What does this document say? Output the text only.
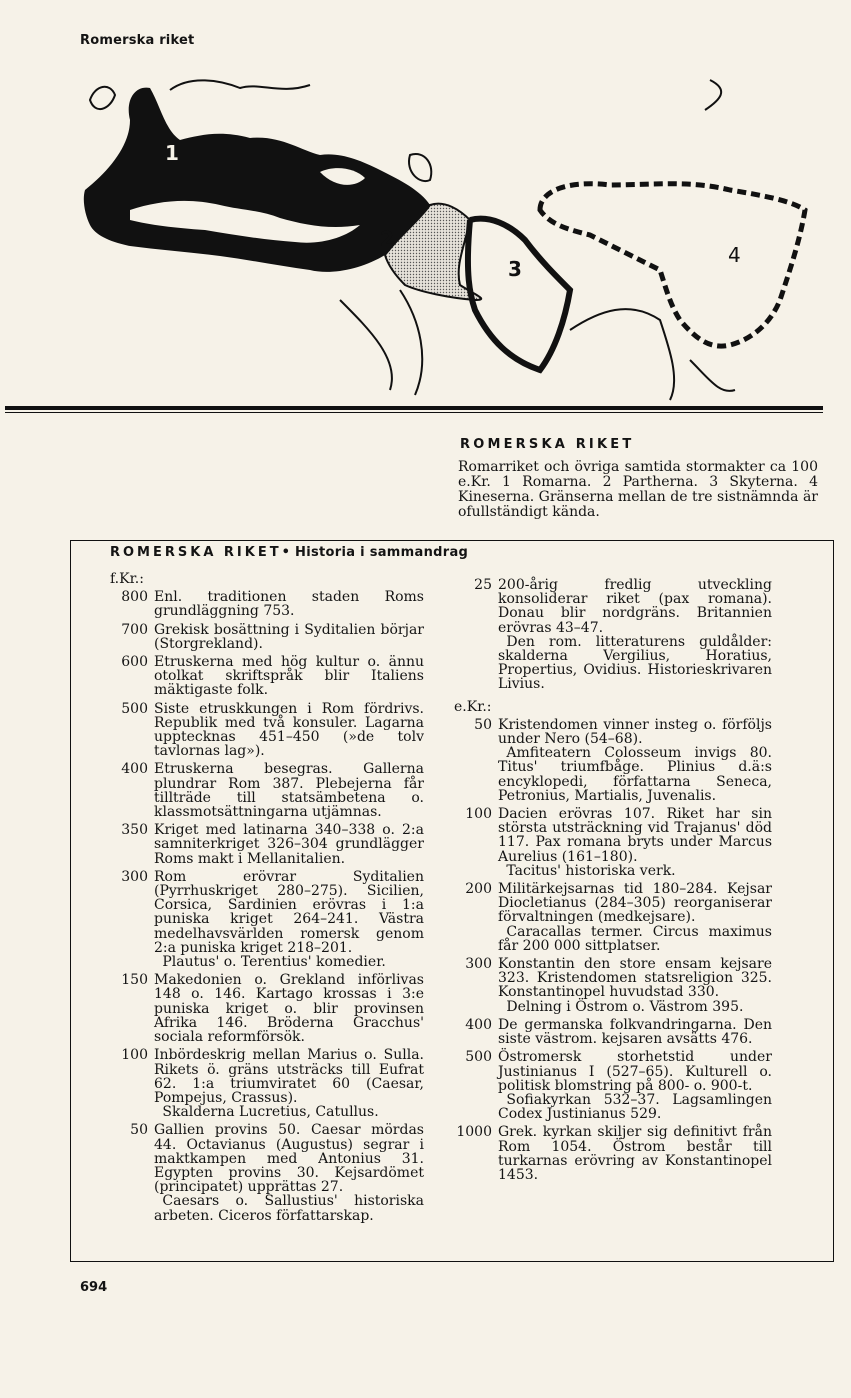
Romerska riket
1
2
3
4
ROMERSKA RIKET
Romarriket och övriga samtida stormakter ca 100 e.Kr. 1 Romarna. 2 Partherna. 3 Skyterna. 4 Kineserna. Gränserna mellan de tre sistnämnda är ofullständigt kända.
ROMERSKA RIKET• Historia i sammandrag
f.Kr.:
800 Enl. traditionen staden Roms grundläggning 753.
700 Grekisk bosättning i Syditalien börjar (Storgrekland).
600 Etruskerna med hög kultur o. ännu otolkat skriftspråk blir Italiens mäktigaste folk.
500 Siste etruskkungen i Rom fördrivs. Republik med två konsuler. Lagarna upptecknas 451–450 (»de tolv tavlornas lag»).
400 Etruskerna besegras. Gallerna plundrar Rom 387. Plebejerna får tillträde till statsämbetena o. klassmotsättningarna utjämnas.
350 Kriget med latinarna 340–338 o. 2:a samniterkriget 326–304 grundlägger Roms makt i Mellanitalien.
300 Rom erövrar Syditalien (Pyrrhuskriget 280–275). Sicilien, Corsica, Sardinien erövras i 1:a puniska kriget 264–241. Västra medelhavsvärlden romersk genom 2:a puniska kriget 218–201.
Plautus' o. Terentius' komedier.
150 Makedonien o. Grekland införlivas 148 o. 146. Kartago krossas i 3:e puniska kriget o. blir provinsen Afrika 146. Bröderna Gracchus' sociala reformförsök.
100 Inbördeskrig mellan Marius o. Sulla. Rikets ö. gräns utsträcks till Eufrat 62. 1:a triumviratet 60 (Caesar, Pompejus, Crassus).
Skalderna Lucretius, Catullus.
50 Gallien provins 50. Caesar mördas 44. Octavianus (Augustus) segrar i maktkampen med Antonius 31. Egypten provins 30. Kejsardömet (principatet) upprättas 27.
Caesars o. Sallustius' historiska arbeten. Ciceros författarskap.
25 200-årig fredlig utveckling konsoliderar riket (pax romana). Donau blir nordgräns. Britannien erövras 43–47.
Den rom. litteraturens guldålder: skalderna Vergilius, Horatius, Propertius, Ovidius. Historieskrivaren Livius.
e.Kr.:
50 Kristendomen vinner insteg o. förföljs under Nero (54–68).
Amfiteatern Colosseum invigs 80. Titus' triumfbåge. Plinius d.ä:s encyklopedi, författarna Seneca, Petronius, Martialis, Juvenalis.
100 Dacien erövras 107. Riket har sin största utsträckning vid Trajanus' död 117. Pax romana bryts under Marcus Aurelius (161–180).
Tacitus' historiska verk.
200 Militärkejsarnas tid 180–284. Kejsar Diocletianus (284–305) reorganiserar förvaltningen (medkejsare).
Caracallas termer. Circus maximus får 200 000 sittplatser.
300 Konstantin den store ensam kejsare 323. Kristendomen statsreligion 325. Konstantinopel huvudstad 330.
Delning i Östrom o. Västrom 395.
400 De germanska folkvandringarna. Den siste västrom. kejsaren avsätts 476.
500 Östromersk storhetstid under Justinianus I (527–65). Kulturell o. politisk blomstring på 800- o. 900-t.
Sofiakyrkan 532–37. Lagsamlingen Codex Justinianus 529.
1000 Grek. kyrkan skiljer sig definitivt från Rom 1054. Östrom består till turkarnas erövring av Konstantinopel 1453.
694
